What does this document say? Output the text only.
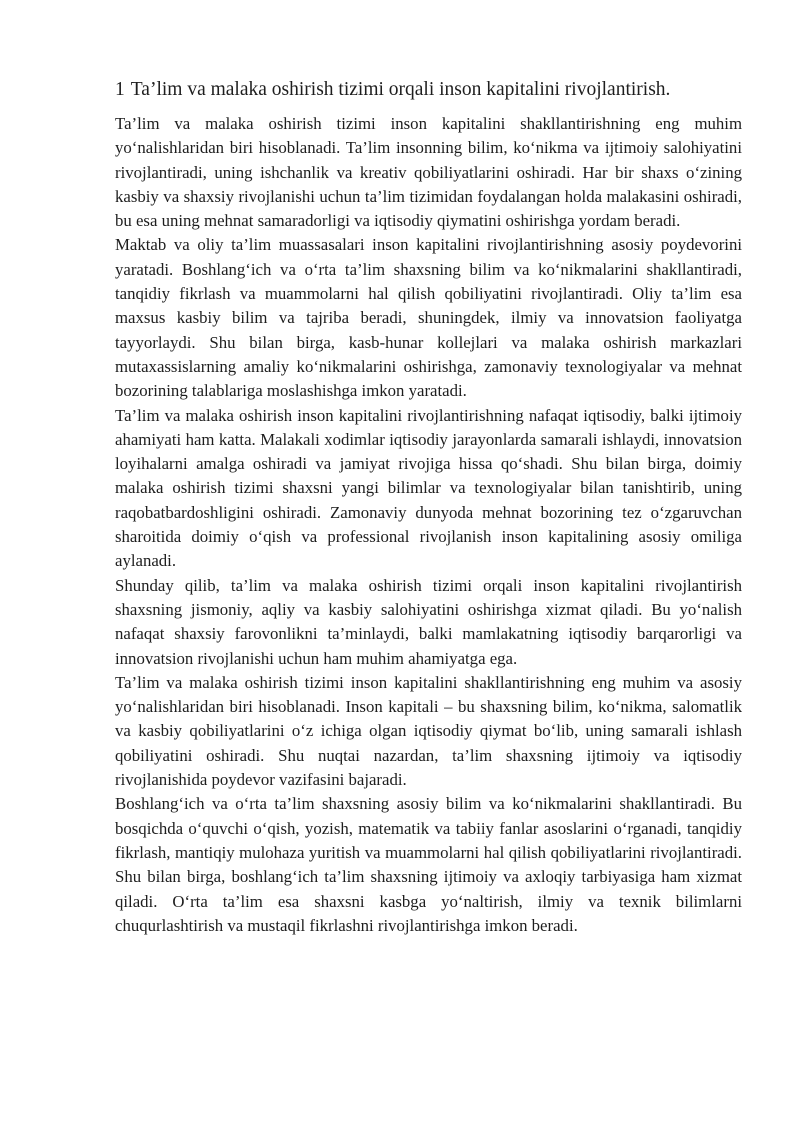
1 Ta’lim va malaka oshirish tizimi orqali inson kapitalini rivojlantirish.

Ta’lim va malaka oshirish tizimi inson kapitalini shakllantirishning eng muhim yo‘nalishlaridan biri hisoblanadi. Ta’lim insonning bilim, ko‘nikma va ijtimoiy salohiyatini rivojlantiradi, uning ishchanlik va kreativ qobiliyatlarini oshiradi. Har bir shaxs o‘zining kasbiy va shaxsiy rivojlanishi uchun ta’lim tizimidan foydalangan holda malakasini oshiradi, bu esa uning mehnat samaradorligi va iqtisodiy qiymatini oshirishga yordam beradi.

Maktab va oliy ta’lim muassasalari inson kapitalini rivojlantirishning asosiy poydevorini yaratadi. Boshlang‘ich va o‘rta ta’lim shaxsning bilim va ko‘nikmalarini shakllantiradi, tanqidiy fikrlash va muammolarni hal qilish qobiliyatini rivojlantiradi. Oliy ta’lim esa maxsus kasbiy bilim va tajriba beradi, shuningdek, ilmiy va innovatsion faoliyatga tayyorlaydi. Shu bilan birga, kasb-hunar kollejlari va malaka oshirish markazlari mutaxassislarning amaliy ko‘nikmalarini oshirishga, zamonaviy texnologiyalar va mehnat bozorining talablariga moslashishga imkon yaratadi.

Ta’lim va malaka oshirish inson kapitalini rivojlantirishning nafaqat iqtisodiy, balki ijtimoiy ahamiyati ham katta. Malakali xodimlar iqtisodiy jarayonlarda samarali ishlaydi, innovatsion loyihalarni amalga oshiradi va jamiyat rivojiga hissa qo‘shadi. Shu bilan birga, doimiy malaka oshirish tizimi shaxsni yangi bilimlar va texnologiyalar bilan tanishtirib, uning raqobatbardoshligini oshiradi. Zamonaviy dunyoda mehnat bozorining tez o‘zgaruvchan sharoitida doimiy o‘qish va professional rivojlanish inson kapitalining asosiy omiliga aylanadi.

Shunday qilib, ta’lim va malaka oshirish tizimi orqali inson kapitalini rivojlantirish shaxsning jismoniy, aqliy va kasbiy salohiyatini oshirishga xizmat qiladi. Bu yo‘nalish nafaqat shaxsiy farovonlikni ta’minlaydi, balki mamlakatning iqtisodiy barqarorligi va innovatsion rivojlanishi uchun ham muhim ahamiyatga ega.

Ta’lim va malaka oshirish tizimi inson kapitalini shakllantirishning eng muhim va asosiy yo‘nalishlaridan biri hisoblanadi. Inson kapitali – bu shaxsning bilim, ko‘nikma, salomatlik va kasbiy qobiliyatlarini o‘z ichiga olgan iqtisodiy qiymat bo‘lib, uning samarali ishlash qobiliyatini oshiradi. Shu nuqtai nazardan, ta’lim shaxsning ijtimoiy va iqtisodiy rivojlanishida poydevor vazifasini bajaradi.

Boshlang‘ich va o‘rta ta’lim shaxsning asosiy bilim va ko‘nikmalarini shakllantiradi. Bu bosqichda o‘quvchi o‘qish, yozish, matematik va tabiiy fanlar asoslarini o‘rganadi, tanqidiy fikrlash, mantiqiy mulohaza yuritish va muammolarni hal qilish qobiliyatlarini rivojlantiradi. Shu bilan birga, boshlang‘ich ta’lim shaxsning ijtimoiy va axloqiy tarbiyasiga ham xizmat qiladi. O‘rta ta’lim esa shaxsni kasbga yo‘naltirish, ilmiy va texnik bilimlarni chuqurlashtirish va mustaqil fikrlashni rivojlantirishga imkon beradi.
